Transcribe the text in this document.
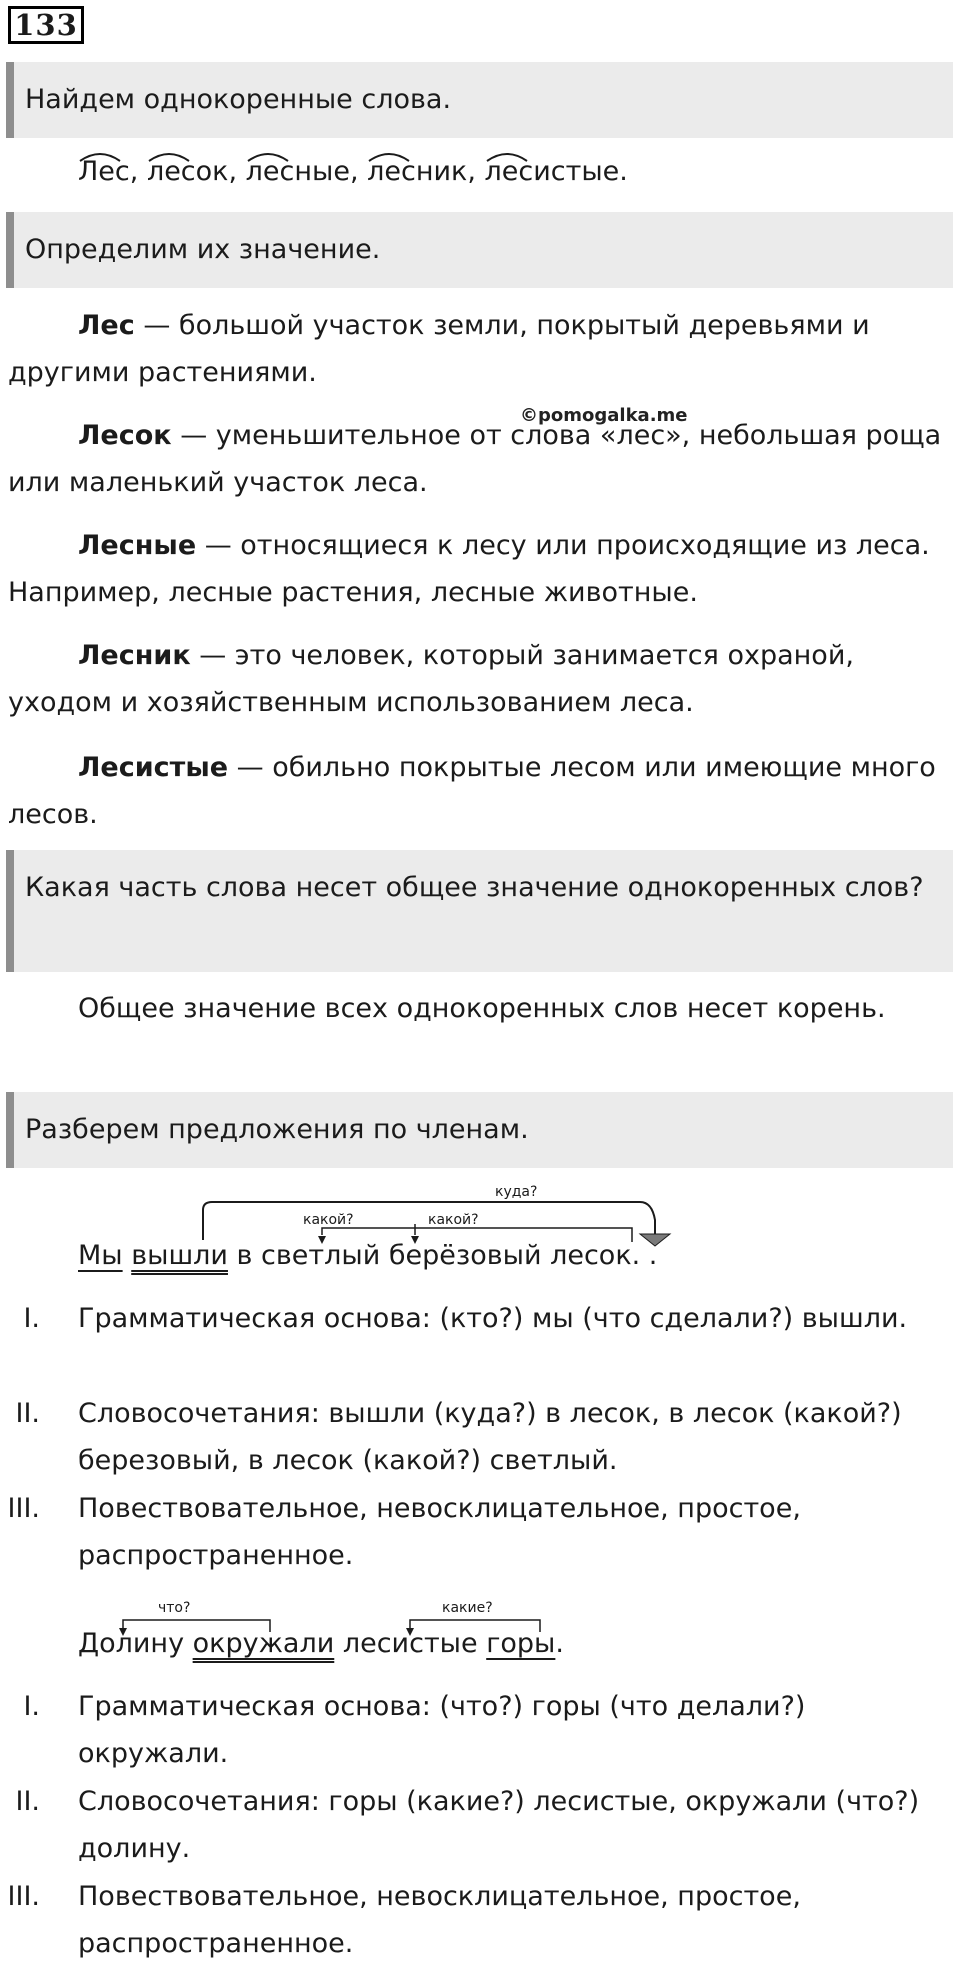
133
Найдем однокоренные слова.
Лес,
лесок,
лесные,
лесник,
лесистые.
Определим их значение.

Лес — большой участок земли, покрытый деревьями и другими растениями.

©pomogalka.me

Лесок — уменьшительное от слова «лес», небольшая роща или маленький участок леса.

Лесные — относящиеся к лесу или происходящие из леса. Например, лесные растения, лесные животные.

Лесник — это человек, который занимается охраной, уходом и хозяйственным использованием леса.

Лесистые — обильно покрытые лесом или имеющие много лесов.

Какая часть слова несет общее значение однокоренных слов?

Общее значение всех однокоренных слов несет корень.

Разберем предложения по членам.
куда?
какой?	какой?
Мы вышли в светлый берёзовый лесок. .
I. Грамматическая основа: (кто?) мы (что сделали?) вышли.
II. Словосочетания: вышли (куда?) в лесок, в лесок (какой?) березовый, в лесок (какой?) светлый.
III. Повествовательное, невосклицательное, простое, распространенное.
что?	какие?
Долину окружали лесистые горы.
I. Грамматическая основа: (что?) горы (что делали?) окружали.
II. Словосочетания: горы (какие?) лесистые, окружали (что?) долину.
III. Повествовательное, невосклицательное, простое, распространенное.
